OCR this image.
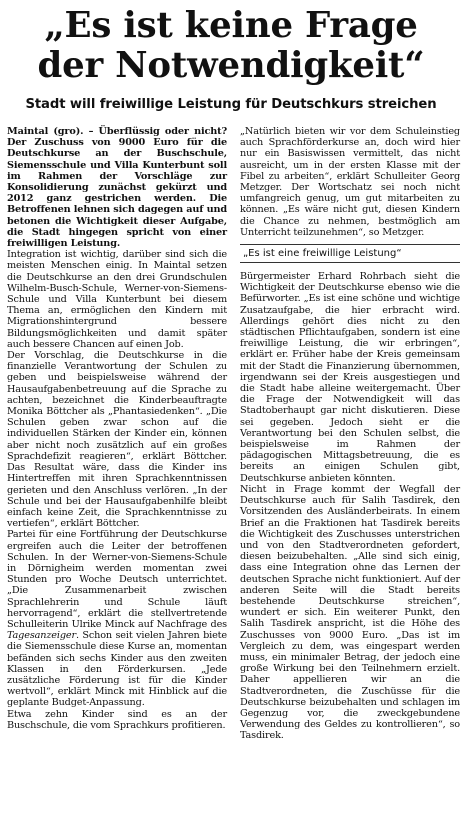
„Es ist keine Frage
der Notwendigkeit“
Stadt will freiwillige Leistung für Deutschkurs streichen

Maintal (gro). – Überflüssig oder nicht? Der Zuschuss von 9000 Euro für die Deutschkurse an der Buschschule, Siemensschule und Villa Kunterbunt soll im Rahmen der Vorschläge zur Konsolidierung zunächst gekürzt und 2012 ganz gestrichen werden. Die Betroffenen lehnen sich dagegen auf und betonen die Wichtigkeit dieser Aufgabe, die Stadt hingegen spricht von einer freiwilligen Leistung.

Integration ist wichtig, darüber sind sich die meisten Menschen einig. In Maintal setzen die Deutschkurse an den drei Grundschulen Wilhelm-Busch-Schule, Werner-von-Siemens-Schule und Villa Kunterbunt bei diesem Thema an, ermöglichen den Kindern mit Migrationshintergrund bessere Bildungsmöglichkeiten und damit später auch bessere Chancen auf einen Job.

Der Vorschlag, die Deutschkurse in die finanzielle Verantwortung der Schulen zu geben und beispielsweise während der Hausaufgabenbetreuung auf die Sprache zu achten, bezeichnet die Kinderbeauftragte Monika Böttcher als „Phantasiedenken“. „Die Schulen geben zwar schon auf die individuellen Stärken der Kinder ein, können aber nicht noch zusätzlich auf ein großes Sprachdefizit reagieren“, erklärt Böttcher. Das Resultat wäre, dass die Kinder ins Hintertreffen mit ihren Sprachkenntnissen gerieten und den Anschluss verlören. „In der Schule und bei der Hausaufgabenhilfe bleibt einfach keine Zeit, die Sprachkenntnisse zu vertiefen“, erklärt Böttcher.

Partei für eine Fortführung der Deutschkurse ergreifen auch die Leiter der betroffenen Schulen. In der Werner-von-Siemens-Schule in Dörnigheim werden momentan zwei Stunden pro Woche Deutsch unterrichtet. „Die Zusammenarbeit zwischen Sprachlehrerin und Schule läuft hervorragend“, erklärt die stellvertretende Schulleiterin Ulrike Minck auf Nachfrage des Tagesanzeiger. Schon seit vielen Jahren biete die Siemensschule diese Kurse an, momentan befänden sich sechs Kinder aus den zweiten Klassen in den Förderkursen. „Jede zusätzliche Förderung ist für die Kinder wertvoll“, erklärt Minck mit Hinblick auf die geplante Budget-Anpassung.

Etwa zehn Kinder sind es an der Buschschule, die vom Sprachkurs profitieren.

„Natürlich bieten wir vor dem Schuleinstieg auch Sprachförderkurse an, doch wird hier nur ein Basiswissen vermittelt, das nicht ausreicht, um in der ersten Klasse mit der Fibel zu arbeiten“, erklärt Schulleiter Georg Metzger. Der Wortschatz sei noch nicht umfangreich genug, um gut mitarbeiten zu können. „Es wäre nicht gut, diesen Kindern die Chance zu nehmen, bestmöglich am Unterricht teilzunehmen“, so Metzger.

„Es ist eine freiwillige Leistung“

Bürgermeister Erhard Rohrbach sieht die Wichtigkeit der Deutschkurse ebenso wie die Befürworter. „Es ist eine schöne und wichtige Zusatzaufgabe, die hier erbracht wird. Allerdings gehört dies nicht zu den städtischen Pflichtaufgaben, sondern ist eine freiwillige Leistung, die wir erbringen“, erklärt er. Früher habe der Kreis gemeinsam mit der Stadt die Finanzierung übernommen, irgendwann sei der Kreis ausgestiegen und die Stadt habe alleine weitergemacht. Über die Frage der Notwendigkeit will das Stadtoberhaupt gar nicht diskutieren. Diese sei gegeben. Jedoch sieht er die Verantwortung bei den Schulen selbst, die beispielsweise im Rahmen der pädagogischen Mittagsbetreuung, die es bereits an einigen Schulen gibt, Deutschkurse anbieten könnten.

Nicht in Frage kommt der Wegfall der Deutschkurse auch für Salih Tasdirek, den Vorsitzenden des Ausländerbeirats. In einem Brief an die Fraktionen hat Tasdirek bereits die Wichtigkeit des Zuschusses unterstrichen und von den Stadtverordneten gefordert, diesen beizubehalten. „Alle sind sich einig, dass eine Integration ohne das Lernen der deutschen Sprache nicht funktioniert. Auf der anderen Seite will die Stadt bereits bestehende Deutschkurse streichen“, wundert er sich. Ein weiterer Punkt, den Salih Tasdirek anspricht, ist die Höhe des Zuschusses von 9000 Euro. „Das ist im Vergleich zu dem, was eingespart werden muss, ein minimaler Betrag, der jedoch eine große Wirkung bei den Teilnehmern erzielt. Daher appellieren wir an die Stadtverordneten, die Zuschüsse für die Deutschkurse beizubehalten und schlagen im Gegenzug vor, die zweckgebundene Verwendung des Geldes zu kontrollieren“, so Tasdirek.
